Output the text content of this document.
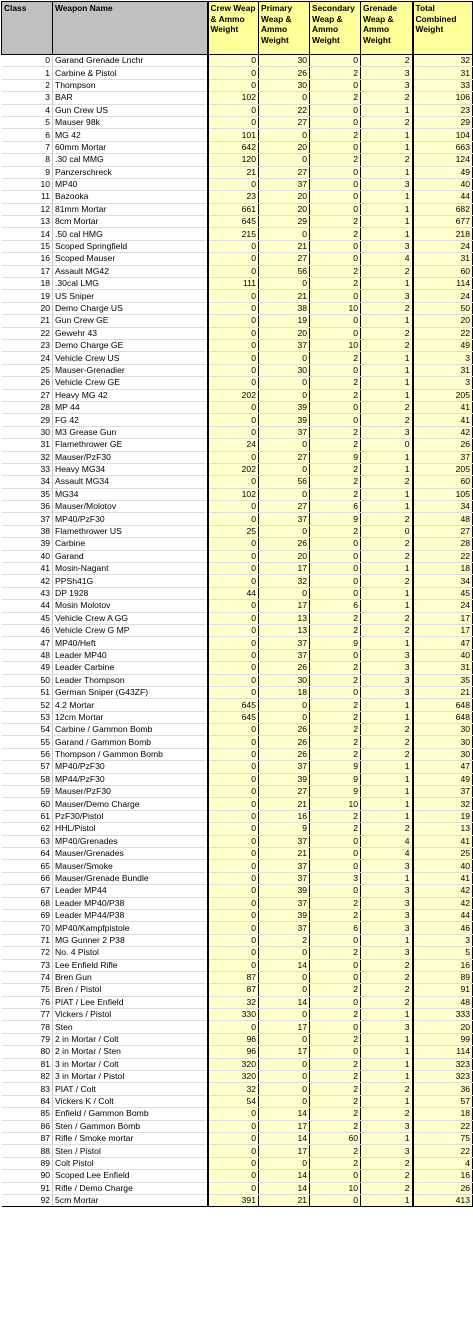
Class	Weapon Name	Crew Weap & Ammo Weight	Primary Weap & Ammo Weight	Secondary Weap & Ammo Weight	Grenade Weap & Ammo Weight	Total Combined Weight
0	Garand Grenade Lnchr	0	30	0	2	32
1	Carbine & Pistol	0	26	2	3	31
2	Thompson	0	30	0	3	33
3	BAR	102	0	2	2	106
4	Gun Crew US	0	22	0	1	23
5	Mauser 98k	0	27	0	2	29
6	MG 42	101	0	2	1	104
7	60mm Mortar	642	20	0	1	663
8	.30 cal MMG	120	0	2	2	124
9	Panzerschreck	21	27	0	1	49
10	MP40	0	37	0	3	40
11	Bazooka	23	20	0	1	44
12	81mm Mortar	661	20	0	1	682
13	8cm Mortar	645	29	2	1	677
14	.50 cal HMG	215	0	2	1	218
15	Scoped Springfield	0	21	0	3	24
16	Scoped Mauser	0	27	0	4	31
17	Assault MG42	0	56	2	2	60
18	.30cal LMG	111	0	2	1	114
19	US Sniper	0	21	0	3	24
20	Demo Charge US	0	38	10	2	50
21	Gun Crew GE	0	19	0	1	20
22	Gewehr 43	0	20	0	2	22
23	Demo Charge GE	0	37	10	2	49
24	Vehicle Crew US	0	0	2	1	3
25	Mauser-Grenadier	0	30	0	1	31
26	Vehicle Crew GE	0	0	2	1	3
27	Heavy MG 42	202	0	2	1	205
28	MP 44	0	39	0	2	41
29	FG 42	0	39	0	2	41
30	M3 Grease Gun	0	37	2	3	42
31	Flamethrower GE	24	0	2	0	26
32	Mauser/PzF30	0	27	9	1	37
33	Heavy MG34	202	0	2	1	205
34	Assault MG34	0	56	2	2	60
35	MG34	102	0	2	1	105
36	Mauser/Molotov	0	27	6	1	34
37	MP40/PzF30	0	37	9	2	48
38	Flamethrower US	25	0	2	0	27
39	Carbine	0	26	0	2	28
40	Garand	0	20	0	2	22
41	Mosin-Nagant	0	17	0	1	18
42	PPSh41G	0	32	0	2	34
43	DP 1928	44	0	0	1	45
44	Mosin Molotov	0	17	6	1	24
45	Vehicle Crew A GG	0	13	2	2	17
46	Vehicle Crew G MP	0	13	2	2	17
47	MP40/Heft	0	37	9	1	47
48	Leader MP40	0	37	0	3	40
49	Leader Carbine	0	26	2	3	31
50	Leader Thompson	0	30	2	3	35
51	German Sniper (G43ZF)	0	18	0	3	21
52	4.2 Mortar	645	0	2	1	648
53	12cm Mortar	645	0	2	1	648
54	Carbine / Gammon Bomb	0	26	2	2	30
55	Garand / Gammon Bomb	0	26	2	2	30
56	Thompson / Gammon Bomb	0	26	2	2	30
57	MP40/PzF30	0	37	9	1	47
58	MP44/PzF30	0	39	9	1	49
59	Mauser/PzF30	0	27	9	1	37
60	Mauser/Demo Charge	0	21	10	1	32
61	PzF30/Pistol	0	16	2	1	19
62	HHL/Pistol	0	9	2	2	13
63	MP40/Grenades	0	37	0	4	41
64	Mauser/Grenades	0	21	0	4	25
65	Mauser/Smoke	0	37	0	3	40
66	Mauser/Grenade Bundle	0	37	3	1	41
67	Leader MP44	0	39	0	3	42
68	Leader MP40/P38	0	37	2	3	42
69	Leader MP44/P38	0	39	2	3	44
70	MP40/Kampfpistole	0	37	6	3	46
71	MG Gunner 2 P38	0	2	0	1	3
72	No. 4 Pistol	0	0	2	3	5
73	Lee Enfield Rifle	0	14	0	2	16
74	Bren Gun	87	0	0	2	89
75	Bren / Pistol	87	0	2	2	91
76	PIAT / Lee Enfield	32	14	0	2	48
77	Vickers / Pistol	330	0	2	1	333
78	Sten	0	17	0	3	20
79	2 in Mortar / Colt	96	0	2	1	99
80	2 in Mortar / Sten	96	17	0	1	114
81	3 in Mortar / Colt	320	0	2	1	323
82	3 in Mortar / Pistol	320	0	2	1	323
83	PIAT / Colt	32	0	2	2	36
84	Vickers K / Colt	54	0	2	1	57
85	Enfield / Gammon Bomb	0	14	2	2	18
86	Sten / Gammon Bomb	0	17	2	3	22
87	Rifle / Smoke mortar	0	14	60	1	75
88	Sten / Pistol	0	17	2	3	22
89	Colt Pistol	0	0	2	2	4
90	Scoped Lee Enfield	0	14	0	2	16
91	Rifle / Demo Charge	0	14	10	2	26
92	5cm Mortar	391	21	0	1	413
